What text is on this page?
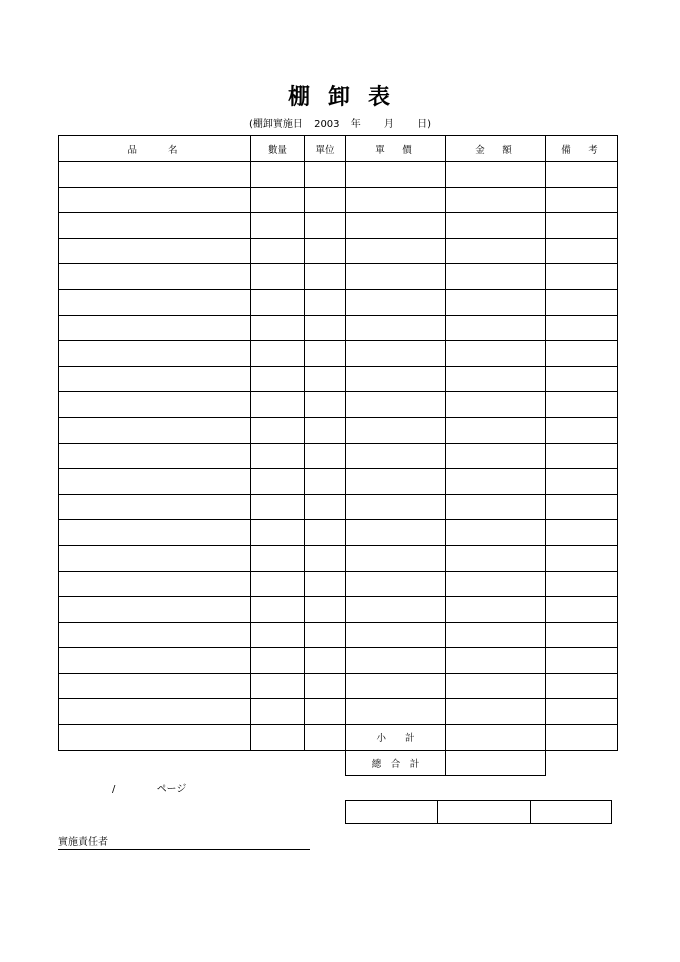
棚 卸 表
(棚卸實施日 2003 年 月 日)
品　　名	數量	單位	單　價	金　額	備　考

			小　　計		
			總　合　計		
/	ページ

實施責任者
